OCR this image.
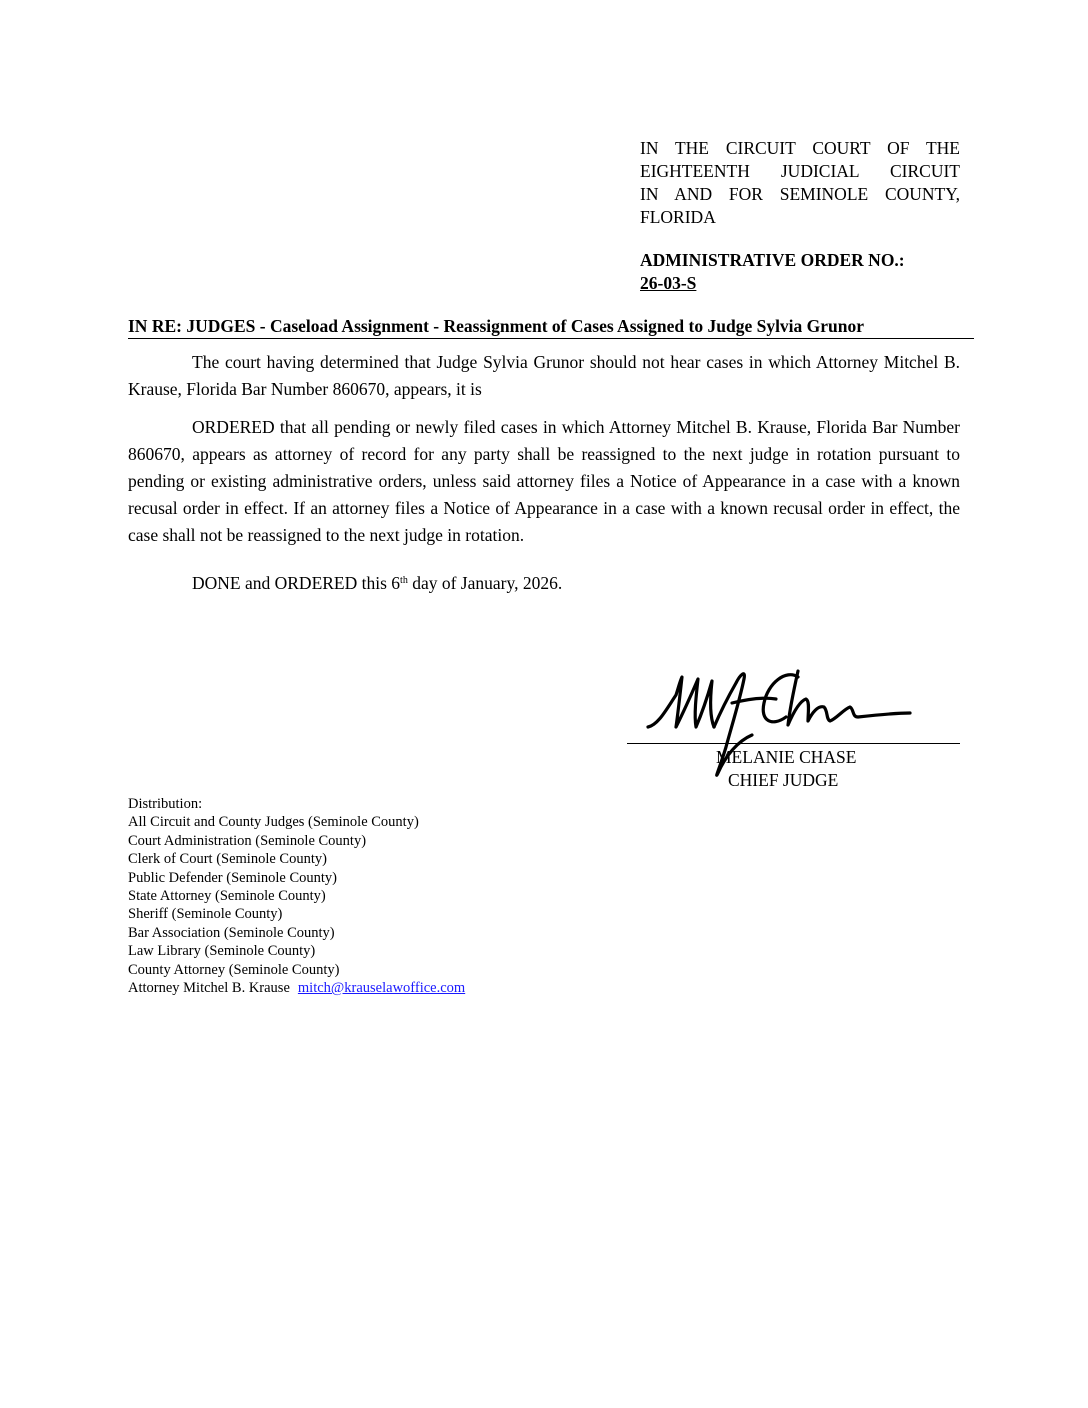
IN THE CIRCUIT COURT OF THE
EIGHTEENTH JUDICIAL CIRCUIT
IN AND FOR SEMINOLE COUNTY,
FLORIDA
ADMINISTRATIVE ORDER NO.:
26-03-S
IN RE: JUDGES - Caseload Assignment - Reassignment of Cases Assigned to Judge Sylvia Grunor

The court having determined that Judge Sylvia Grunor should not hear cases in which Attorney Mitchel B. Krause, Florida Bar Number 860670, appears, it is

ORDERED that all pending or newly filed cases in which Attorney Mitchel B. Krause, Florida Bar Number 860670, appears as attorney of record for any party shall be reassigned to the next judge in rotation pursuant to pending or existing administrative orders, unless said attorney files a Notice of Appearance in a case with a known recusal order in effect. If an attorney files a Notice of Appearance in a case with a known recusal order in effect, the case shall not be reassigned to the next judge in rotation.

DONE and ORDERED this 6th day of January, 2026.

MELANIE CHASE
CHIEF JUDGE
Distribution:
All Circuit and County Judges (Seminole County)
Court Administration (Seminole County)
Clerk of Court (Seminole County)
Public Defender (Seminole County)
State Attorney (Seminole County)
Sheriff (Seminole County)
Bar Association (Seminole County)
Law Library (Seminole County)
County Attorney (Seminole County)
Attorney Mitchel B. Krause mitch@krauselawoffice.com
